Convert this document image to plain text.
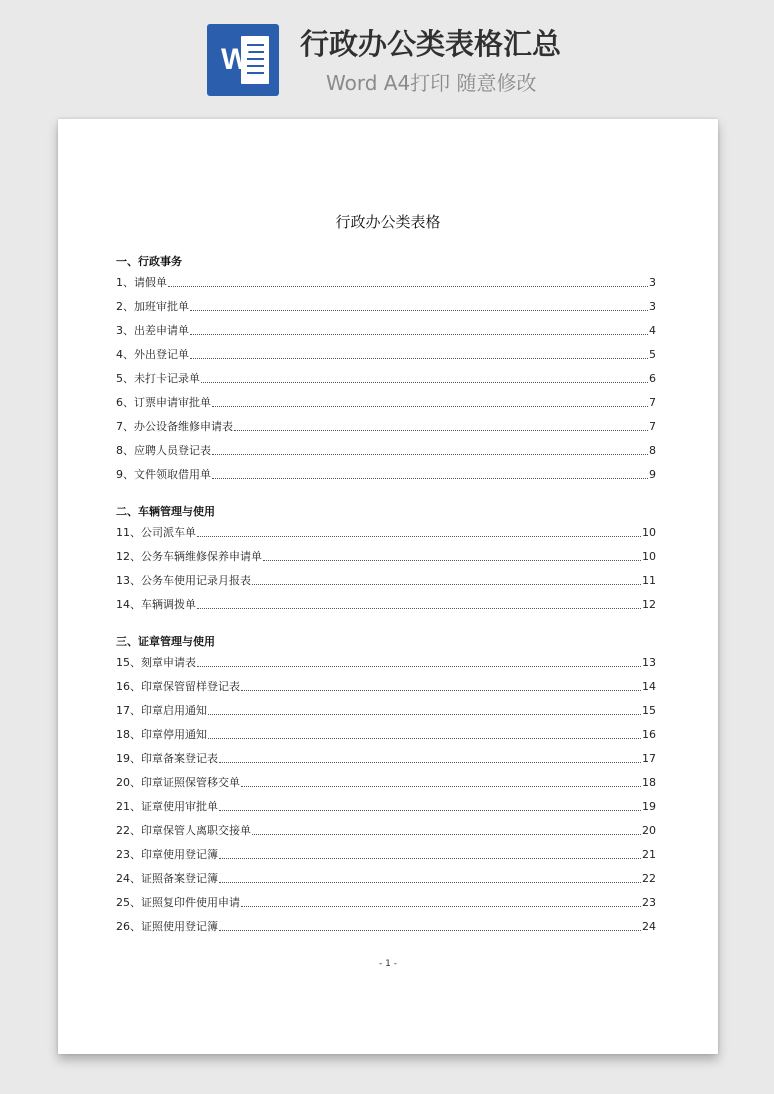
W 行政办公类表格汇总
Word A4打印 随意修改
行政办公类表格
一、行政事务
1、请假单	3
2、加班审批单	3
3、出差申请单	4
4、外出登记单	5
5、未打卡记录单	6
6、订票申请审批单	7
7、办公设备维修申请表	7
8、应聘人员登记表	8
9、文件领取借用单	9
二、车辆管理与使用
11、公司派车单	10
12、公务车辆维修保养申请单	10
13、公务车使用记录月报表	11
14、车辆调拨单	12
三、证章管理与使用
15、刻章申请表	13
16、印章保管留样登记表	14
17、印章启用通知	15
18、印章停用通知	16
19、印章备案登记表	17
20、印章证照保管移交单	18
21、证章使用审批单	19
22、印章保管人离职交接单	20
23、印章使用登记簿	21
24、证照备案登记簿	22
25、证照复印件使用申请	23
26、证照使用登记簿	24
- 1 -
